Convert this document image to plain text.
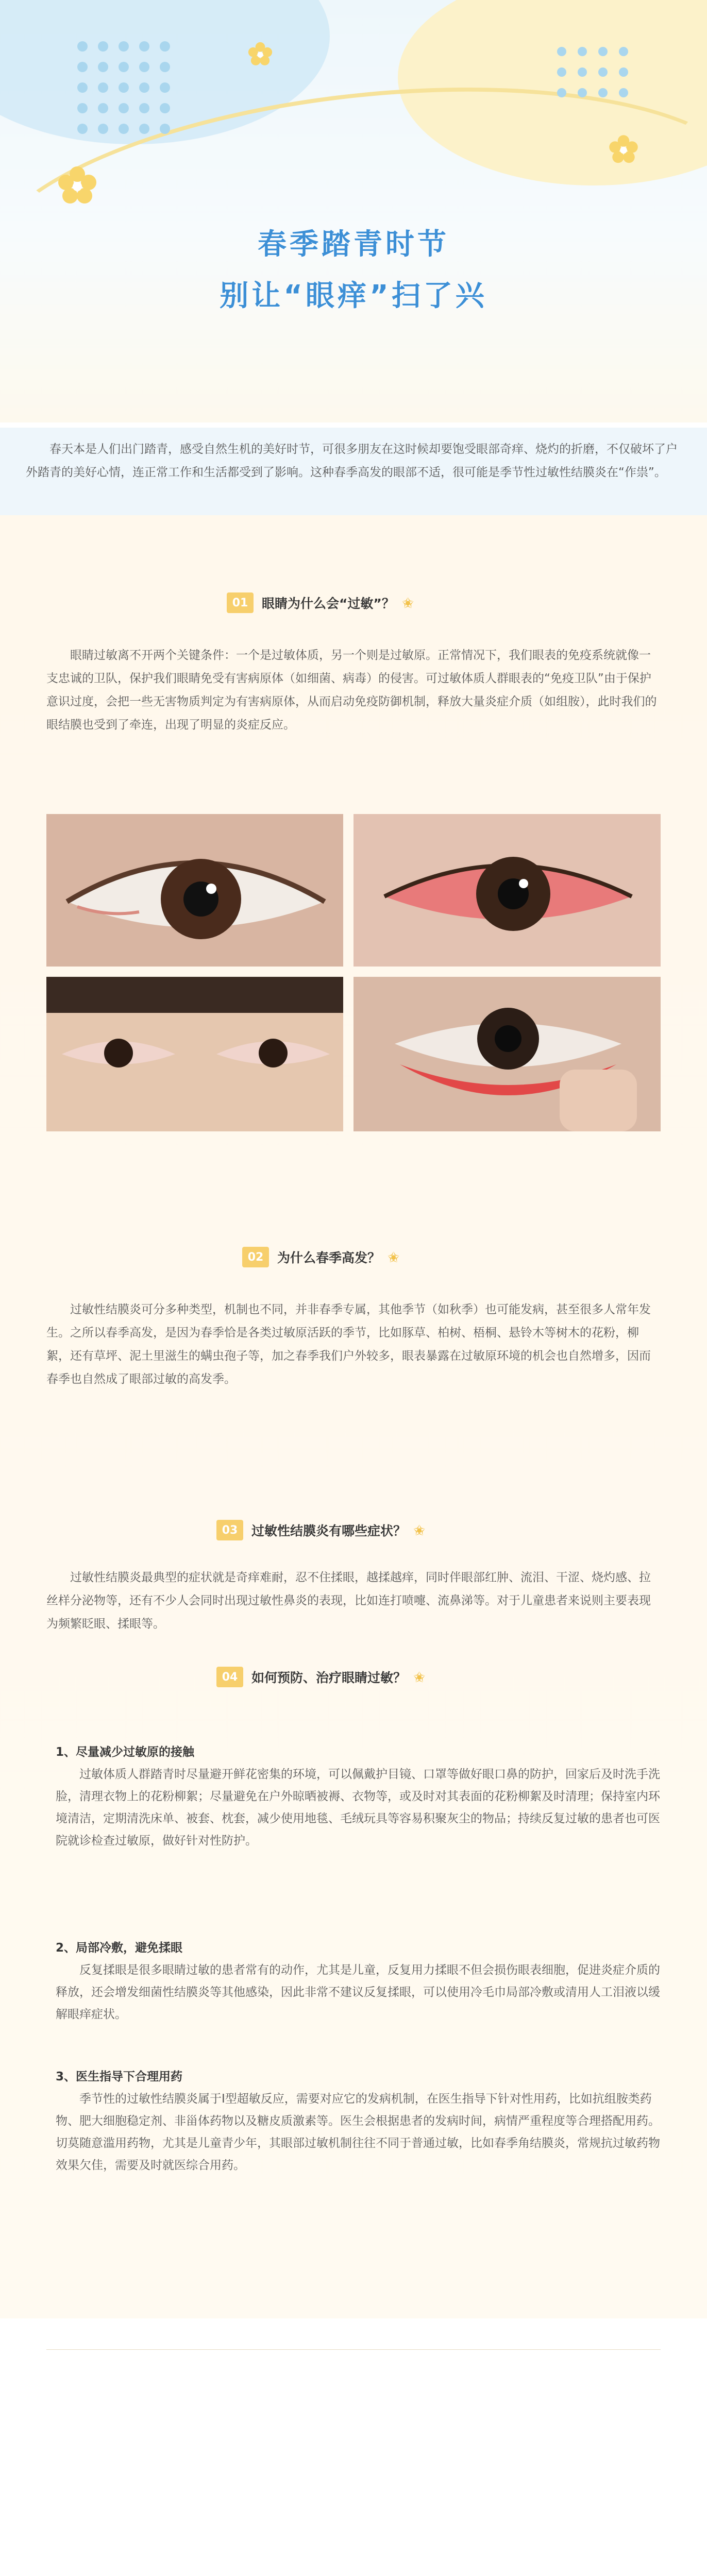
春季踏青时节
别让“眼痒”扫了兴
春天本是人们出门踏青，感受自然生机的美好时节，可很多朋友在这时候却要饱受眼部奇痒、烧灼的折磨，不仅破坏了户外踏青的美好心情，连正常工作和生活都受到了影响。这种春季高发的眼部不适，很可能是季节性过敏性结膜炎在“作祟”。
01	眼睛为什么会“过敏”？ ✬
眼睛过敏离不开两个关键条件：一个是过敏体质，另一个则是过敏原。正常情况下，我们眼表的免疫系统就像一支忠诚的卫队，保护我们眼睛免受有害病原体（如细菌、病毒）的侵害。可过敏体质人群眼表的“免疫卫队”由于保护意识过度，会把一些无害物质判定为有害病原体，从而启动免疫防御机制，释放大量炎症介质（如组胺），此时我们的眼结膜也受到了牵连，出现了明显的炎症反应。
02	为什么春季高发？ ✬
过敏性结膜炎可分多种类型，机制也不同，并非春季专属，其他季节（如秋季）也可能发病，甚至很多人常年发生。之所以春季高发，是因为春季恰是各类过敏原活跃的季节，比如豚草、柏树、梧桐、悬铃木等树木的花粉，柳絮，还有草坪、泥土里滋生的螨虫孢子等，加之春季我们户外较多，眼表暴露在过敏原环境的机会也自然增多，因而春季也自然成了眼部过敏的高发季。
03	过敏性结膜炎有哪些症状？ ✬
过敏性结膜炎最典型的症状就是奇痒难耐，忍不住揉眼，越揉越痒，同时伴眼部红肿、流泪、干涩、烧灼感、拉丝样分泌物等，还有不少人会同时出现过敏性鼻炎的表现，比如连打喷嚏、流鼻涕等。对于儿童患者来说则主要表现为频繁眨眼、揉眼等。
04	如何预防、治疗眼睛过敏？ ✬
1、尽量减少过敏原的接触
过敏体质人群踏青时尽量避开鲜花密集的环境，可以佩戴护目镜、口罩等做好眼口鼻的防护，回家后及时洗手洗脸，清理衣物上的花粉柳絮；尽量避免在户外晾晒被褥、衣物等，或及时对其表面的花粉柳絮及时清理；保持室内环境清洁，定期清洗床单、被套、枕套，减少使用地毯、毛绒玩具等容易积聚灰尘的物品；持续反复过敏的患者也可医院就诊检查过敏原，做好针对性防护。
2、局部冷敷，避免揉眼
反复揉眼是很多眼睛过敏的患者常有的动作，尤其是儿童，反复用力揉眼不但会损伤眼表细胞，促进炎症介质的释放，还会增发细菌性结膜炎等其他感染，因此非常不建议反复揉眼，可以使用冷毛巾局部冷敷或清用人工泪液以缓解眼痒症状。
3、医生指导下合理用药
季节性的过敏性结膜炎属于I型超敏反应，需要对应它的发病机制，在医生指导下针对性用药，比如抗组胺类药物、肥大细胞稳定剂、非甾体药物以及糖皮质激素等。医生会根据患者的发病时间，病情严重程度等合理搭配用药。切莫随意滥用药物，尤其是儿童青少年，其眼部过敏机制往往不同于普通过敏，比如春季角结膜炎，常规抗过敏药物效果欠佳，需要及时就医综合用药。
